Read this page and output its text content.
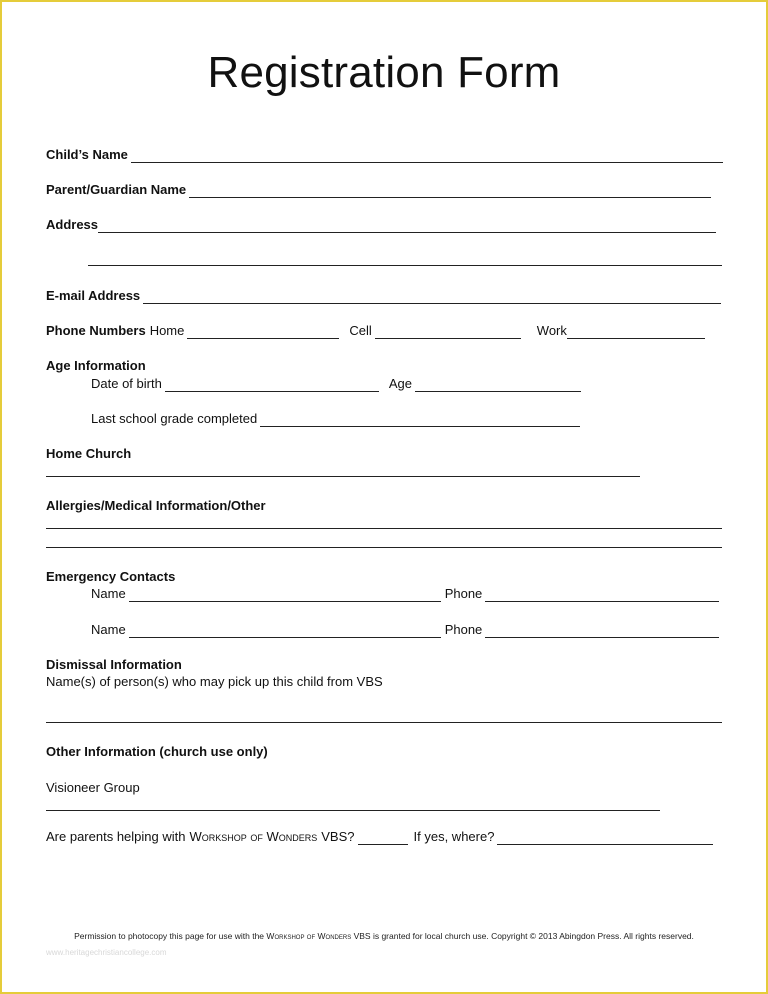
Registration Form
Child’s Name
Parent/Guardian Name
Address
E-mail Address
Phone Numbers Home	Cell	Work
Age Information
Date of birth	Age
Last school grade completed
Home Church
Allergies/Medical Information/Other
Emergency Contacts
Name	Phone
Name	Phone
Dismissal Information
Name(s) of person(s) who may pick up this child from VBS
Other Information (church use only)
Visioneer Group
Are parents helping with Workshop of Wonders VBS?	If yes, where?
Permission to photocopy this page for use with the Workshop of Wonders VBS is granted for local church use. Copyright © 2013 Abingdon Press. All rights reserved.
www.heritagechristiancollege.com
